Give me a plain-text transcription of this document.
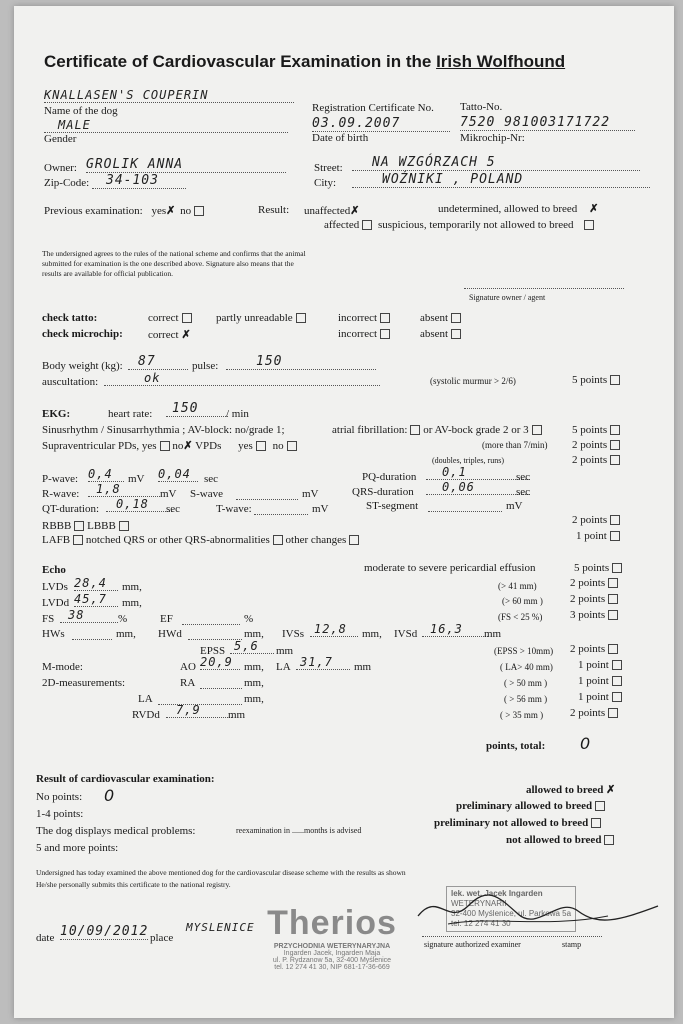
Certificate of Cardiovascular Examination in the Irish Wolfhound
KNALLASEN'S COUPERIN
Name of the dog
MALE
Gender
Registration Certificate No. Tatto-No.
03.09.2007	7520 981003171722
Date of birth	Mikrochip-Nr:
Owner: GROLIK ANNA
Zip-Code:	34-103
Street:	NA WZGÓRZACH 5
City:	WOŹNIKI , POLAND
Previous examination: yes✗ no	Result: unaffected✗
affected
undetermined, allowed to breed ✗
suspicious, temporarily not allowed to breed
The undersigned agrees to the rules of the national scheme and confirms that the animal
submitted for examination is the one described above. Signature also means that the
results are available for official publication.
Signature owner / agent
check tatto:	correct	partly unreadable	incorrect	absent
check microchip: correct ✗	incorrect	absent
Body weight (kg):	87	pulse:	150
auscultation:	ok	(systolic murmur > 2/6)	5 points
EKG:	heart rate:	150	/ min
Sinusrhythm / Sinusarrhythmia ; AV-block: no/grade 1;	atrial fibrillation: or AV-bock grade 2 or 3	5 points
Supraventricular PDs, yes no✗ VPDs yes no	(more than 7/min) 2 points
(doubles, triples, runs)	2 points
P-wave: 0,4	mV 0,04	sec	PQ-duration	0,1	sec
R-wave:	1,8	mV S-wave	mV	QRS-duration	0,06	sec
QT-duration:	0,18	sec	T-wave:	mV	ST-segment	mV
RBBB LBBB	2 points
LAFB notched QRS or other QRS-abnormalities other changes	1 point
Echo	moderate to severe pericardial effusion	5 points
LVDs 28,4	mm,	(> 41 mm)	2 points
LVDd 45,7	mm,	(> 60 mm ) 2 points
FS	38	%	EF	%	(FS < 25 %)	3 points
HWs	mm, HWd	mm, IVSs 12,8	mm, IVSd	16,3	mm
EPSS 5,6	mm	(EPSS > 10mm) 2 points
M-mode:	AO 20,9	mm, LA 31,7	mm	( LA> 40 mm) 1 point
2D-measurements:	RA	mm,	( > 50 mm )	1 point
LA	mm,	( > 56 mm )	1 point
RVDd	7,9	mm	( > 35 mm ) 2 points
points, total: 0
Result of cardiovascular examination:
No points: 0
1-4 points:
The dog displays medical problems:	reexamination in ......months is advised
5 and more points:
allowed to breed ✗
preliminary allowed to breed
preliminary not allowed to breed
not allowed to breed
Undersigned has today examined the above mentioned dog for the cardiovascular disease scheme with the results as shown
He/she personally submits this certificate to the national registry.
date 10/09/2012 place
MYSLENICE Therios
PRZYCHODNIA WETERYNARYJNA
Ingarden Jacek, Ingarden Maja
ul. P. Rydzanow 5a, 32-400 Myślenice
tel. 12 274 41 30, NIP 681-17-36-669
lek. wet. Jacek Ingarden
WETERYNARII
32-400 Myślenice, ul. Parkowa 5a
tel. 12 274 41 30
signature authorized examiner	stamp
